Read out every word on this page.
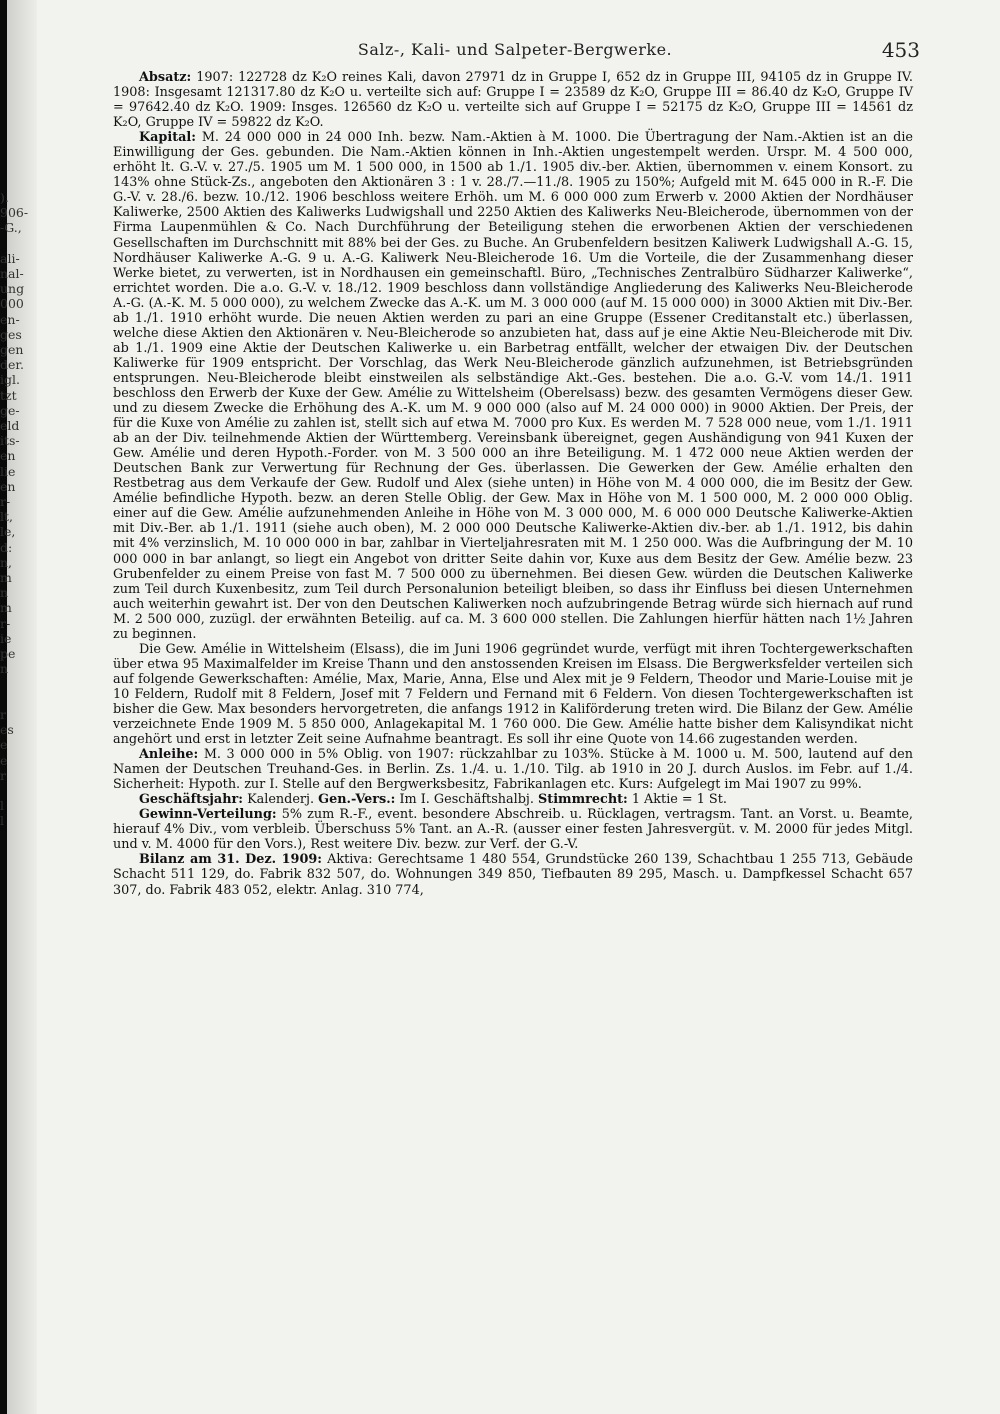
).
906-
-G.,

ali-
nal-
ung
000
en-
ges
gen
der.
igl.
tzt
ge-
eld
its-
en
lie
en
r-
lt,
le,
d:
n,
m
n
m
r-
ie
pe
n

r
es
e
e
r

l
l
Salz-, Kali- und Salpeter-Bergwerke.	453

Absatz: 1907: 122728 dz K₂O reines Kali, davon 27971 dz in Gruppe I, 652 dz in Gruppe III, 94105 dz in Gruppe IV. 1908: Insgesamt 121317.80 dz K₂O u. verteilte sich auf: Gruppe I = 23589 dz K₂O, Gruppe III = 86.40 dz K₂O, Gruppe IV = 97642.40 dz K₂O. 1909: Insges. 126560 dz K₂O u. verteilte sich auf Gruppe I = 52175 dz K₂O, Gruppe III = 14561 dz K₂O, Gruppe IV = 59822 dz K₂O.

Kapital: M. 24 000 000 in 24 000 Inh. bezw. Nam.-Aktien à M. 1000. Die Übertragung der Nam.-Aktien ist an die Einwilligung der Ges. gebunden. Die Nam.-Aktien können in Inh.-Aktien ungestempelt werden. Urspr. M. 4 500 000, erhöht lt. G.-V. v. 27./5. 1905 um M. 1 500 000, in 1500 ab 1./1. 1905 div.-ber. Aktien, übernommen v. einem Konsort. zu 143% ohne Stück-Zs., angeboten den Aktionären 3 : 1 v. 28./7.—11./8. 1905 zu 150%; Aufgeld mit M. 645 000 in R.-F. Die G.-V. v. 28./6. bezw. 10./12. 1906 beschloss weitere Erhöh. um M. 6 000 000 zum Erwerb v. 2000 Aktien der Nordhäuser Kaliwerke, 2500 Aktien des Kaliwerks Ludwigshall und 2250 Aktien des Kaliwerks Neu-Bleicherode, übernommen von der Firma Laupenmühlen & Co. Nach Durchführung der Beteiligung stehen die erworbenen Aktien der verschiedenen Gesellschaften im Durchschnitt mit 88% bei der Ges. zu Buche. An Grubenfeldern besitzen Kaliwerk Ludwigshall A.-G. 15, Nordhäuser Kaliwerke A.-G. 9 u. A.-G. Kaliwerk Neu-Bleicherode 16. Um die Vorteile, die der Zusammenhang dieser Werke bietet, zu verwerten, ist in Nordhausen ein gemeinschaftl. Büro, „Technisches Zentralbüro Südharzer Kaliwerke“, errichtet worden. Die a.o. G.-V. v. 18./12. 1909 beschloss dann vollständige Angliederung des Kaliwerks Neu-Bleicherode A.-G. (A.-K. M. 5 000 000), zu welchem Zwecke das A.-K. um M. 3 000 000 (auf M. 15 000 000) in 3000 Aktien mit Div.-Ber. ab 1./1. 1910 erhöht wurde. Die neuen Aktien werden zu pari an eine Gruppe (Essener Creditanstalt etc.) überlassen, welche diese Aktien den Aktionären v. Neu-Bleicherode so anzubieten hat, dass auf je eine Aktie Neu-Bleicherode mit Div. ab 1./1. 1909 eine Aktie der Deutschen Kaliwerke u. ein Barbetrag entfällt, welcher der etwaigen Div. der Deutschen Kaliwerke für 1909 entspricht. Der Vorschlag, das Werk Neu-Bleicherode gänzlich aufzunehmen, ist Betriebsgründen entsprungen. Neu-Bleicherode bleibt einstweilen als selbständige Akt.-Ges. bestehen. Die a.o. G.-V. vom 14./1. 1911 beschloss den Erwerb der Kuxe der Gew. Amélie zu Wittelsheim (Oberelsass) bezw. des gesamten Vermögens dieser Gew. und zu diesem Zwecke die Erhöhung des A.-K. um M. 9 000 000 (also auf M. 24 000 000) in 9000 Aktien. Der Preis, der für die Kuxe von Amélie zu zahlen ist, stellt sich auf etwa M. 7000 pro Kux. Es werden M. 7 528 000 neue, vom 1./1. 1911 ab an der Div. teilnehmende Aktien der Württemberg. Vereinsbank übereignet, gegen Aushändigung von 941 Kuxen der Gew. Amélie und deren Hypoth.-Forder. von M. 3 500 000 an ihre Beteiligung. M. 1 472 000 neue Aktien werden der Deutschen Bank zur Verwertung für Rechnung der Ges. überlassen. Die Gewerken der Gew. Amélie erhalten den Restbetrag aus dem Verkaufe der Gew. Rudolf und Alex (siehe unten) in Höhe von M. 4 000 000, die im Besitz der Gew. Amélie befindliche Hypoth. bezw. an deren Stelle Oblig. der Gew. Max in Höhe von M. 1 500 000, M. 2 000 000 Oblig. einer auf die Gew. Amélie aufzunehmenden Anleihe in Höhe von M. 3 000 000, M. 6 000 000 Deutsche Kaliwerke-Aktien mit Div.-Ber. ab 1./1. 1911 (siehe auch oben), M. 2 000 000 Deutsche Kaliwerke-Aktien div.-ber. ab 1./1. 1912, bis dahin mit 4% verzinslich, M. 10 000 000 in bar, zahlbar in Vierteljahresraten mit M. 1 250 000. Was die Aufbringung der M. 10 000 000 in bar anlangt, so liegt ein Angebot von dritter Seite dahin vor, Kuxe aus dem Besitz der Gew. Amélie bezw. 23 Grubenfelder zu einem Preise von fast M. 7 500 000 zu übernehmen. Bei diesen Gew. würden die Deutschen Kaliwerke zum Teil durch Kuxenbesitz, zum Teil durch Personalunion beteiligt bleiben, so dass ihr Einfluss bei diesen Unternehmen auch weiterhin gewahrt ist. Der von den Deutschen Kaliwerken noch aufzubringende Betrag würde sich hiernach auf rund M. 2 500 000, zuzügl. der erwähnten Beteilig. auf ca. M. 3 600 000 stellen. Die Zahlungen hierfür hätten nach 1½ Jahren zu beginnen.

Die Gew. Amélie in Wittelsheim (Elsass), die im Juni 1906 gegründet wurde, verfügt mit ihren Tochtergewerkschaften über etwa 95 Maximalfelder im Kreise Thann und den anstossenden Kreisen im Elsass. Die Bergwerksfelder verteilen sich auf folgende Gewerkschaften: Amélie, Max, Marie, Anna, Else und Alex mit je 9 Feldern, Theodor und Marie-Louise mit je 10 Feldern, Rudolf mit 8 Feldern, Josef mit 7 Feldern und Fernand mit 6 Feldern. Von diesen Tochtergewerkschaften ist bisher die Gew. Max besonders hervorgetreten, die anfangs 1912 in Kaliförderung treten wird. Die Bilanz der Gew. Amélie verzeichnete Ende 1909 M. 5 850 000, Anlagekapital M. 1 760 000. Die Gew. Amélie hatte bisher dem Kalisyndikat nicht angehört und erst in letzter Zeit seine Aufnahme beantragt. Es soll ihr eine Quote von 14.66 zugestanden werden.

Anleihe: M. 3 000 000 in 5% Oblig. von 1907: rückzahlbar zu 103%. Stücke à M. 1000 u. M. 500, lautend auf den Namen der Deutschen Treuhand-Ges. in Berlin. Zs. 1./4. u. 1./10. Tilg. ab 1910 in 20 J. durch Auslos. im Febr. auf 1./4. Sicherheit: Hypoth. zur I. Stelle auf den Bergwerksbesitz, Fabrikanlagen etc. Kurs: Aufgelegt im Mai 1907 zu 99%.

Geschäftsjahr: Kalenderj. Gen.-Vers.: Im I. Geschäftshalbj. Stimmrecht: 1 Aktie = 1 St.

Gewinn-Verteilung: 5% zum R.-F., event. besondere Abschreib. u. Rücklagen, vertragsm. Tant. an Vorst. u. Beamte, hierauf 4% Div., vom verbleib. Überschuss 5% Tant. an A.-R. (ausser einer festen Jahresvergüt. v. M. 2000 für jedes Mitgl. und v. M. 4000 für den Vors.), Rest weitere Div. bezw. zur Verf. der G.-V.

Bilanz am 31. Dez. 1909: Aktiva: Gerechtsame 1 480 554, Grundstücke 260 139, Schachtbau 1 255 713, Gebäude Schacht 511 129, do. Fabrik 832 507, do. Wohnungen 349 850, Tiefbauten 89 295, Masch. u. Dampfkessel Schacht 657 307, do. Fabrik 483 052, elektr. Anlag. 310 774,
